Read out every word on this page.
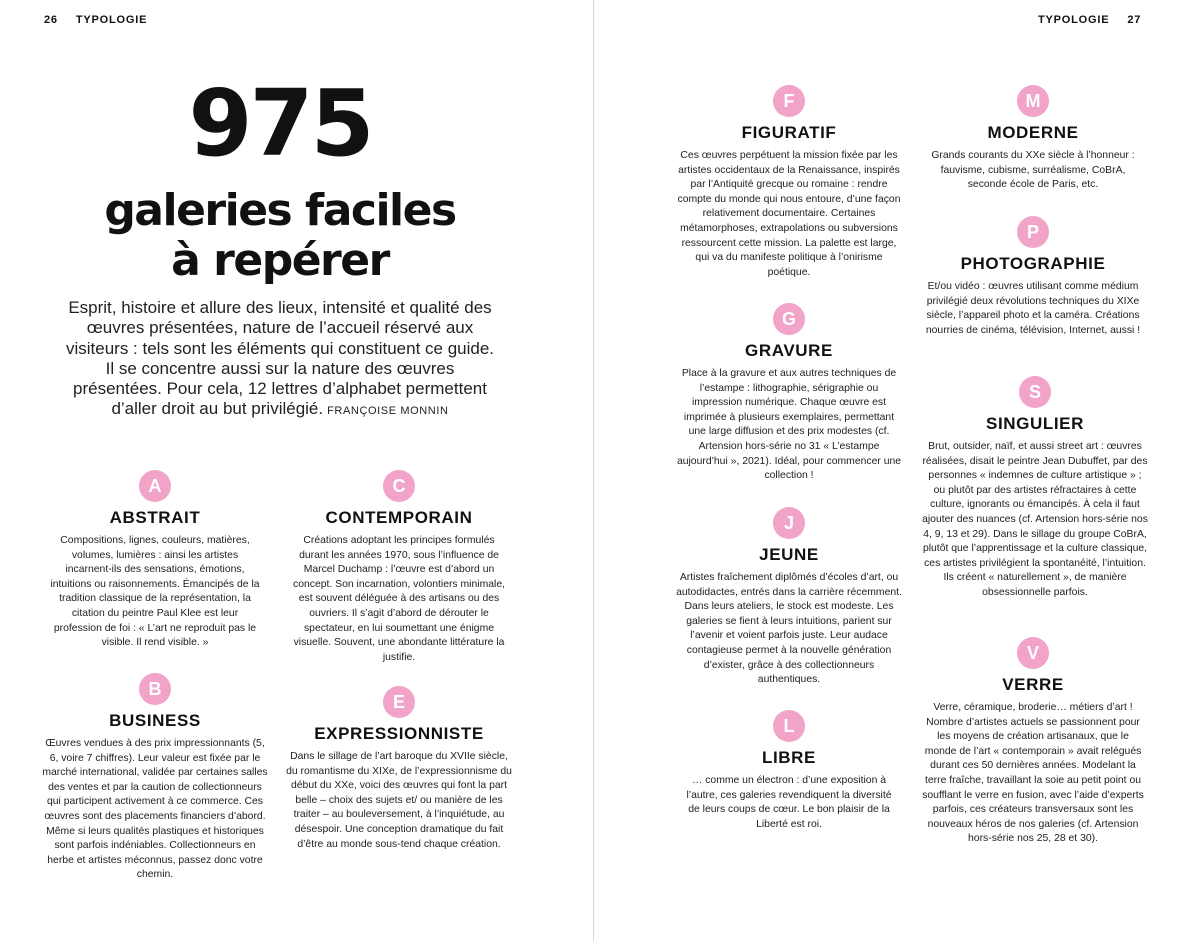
26 TYPOLOGIE	TYPOLOGIE 27
975
galeries faciles
à repérer

Esprit, histoire et allure des lieux, intensité et qualité des œuvres présentées, nature de l’accueil réservé aux visiteurs : tels sont les éléments qui constituent ce guide. Il se concentre aussi sur la nature des œuvres présentées. Pour cela, 12 lettres d’alphabet permettent d’aller droit au but privilégié. FRANÇOISE MONNIN

A
ABSTRAIT

Compositions, lignes, couleurs, matières, volumes, lumières : ainsi les artistes incarnent-ils des sensations, émotions, intuitions ou raisonnements. Émancipés de la tradition classique de la représentation, la citation du peintre Paul Klee est leur profession de foi : « L’art ne reproduit pas le visible. Il rend visible. »

B
BUSINESS

Œuvres vendues à des prix impressionnants (5, 6, voire 7 chiffres). Leur valeur est fixée par le marché international, validée par certaines salles des ventes et par la caution de collectionneurs qui participent activement à ce commerce. Ces œuvres sont des placements financiers d’abord. Même si leurs qualités plastiques et historiques sont parfois indéniables. Collectionneurs en herbe et artistes méconnus, passez donc votre chemin.

C
CONTEMPORAIN

Créations adoptant les principes formulés durant les années 1970, sous l’influence de Marcel Duchamp : l’œuvre est d’abord un concept. Son incarnation, volontiers minimale, est souvent déléguée à des artisans ou des ouvriers. Il s’agit d’abord de dérouter le spectateur, en lui soumettant une énigme visuelle. Souvent, une abondante littérature la justifie.

E
EXPRESSIONNISTE

Dans le sillage de l’art baroque du XVIIe siècle, du romantisme du XIXe, de l’expressionnisme du début du XXe, voici des œuvres qui font la part belle – choix des sujets et/ ou manière de les traiter – au bouleversement, à l’inquiétude, au désespoir. Une conception dramatique du fait d’être au monde sous-tend chaque création.

F
FIGURATIF

Ces œuvres perpétuent la mission fixée par les artistes occidentaux de la Renaissance, inspirés par l’Antiquité grecque ou romaine : rendre compte du monde qui nous entoure, d’une façon relativement documentaire. Certaines métamorphoses, extrapolations ou subversions ressourcent cette mission. La palette est large, qui va du manifeste politique à l’onirisme poétique.

G
GRAVURE

Place à la gravure et aux autres techniques de l’estampe : lithographie, sérigraphie ou impression numérique. Chaque œuvre est imprimée à plusieurs exemplaires, permettant une large diffusion et des prix modestes (cf. Artension hors-série no 31 « L’estampe aujourd’hui », 2021). Idéal, pour commencer une collection !

J
JEUNE

Artistes fraîchement diplômés d’écoles d’art, ou autodidactes, entrés dans la carrière récemment. Dans leurs ateliers, le stock est modeste. Les galeries se fient à leurs intuitions, parient sur l’avenir et voient parfois juste. Leur audace contagieuse permet à la nouvelle génération d’exister, grâce à des collectionneurs authentiques.

L
LIBRE

… comme un électron : d’une exposition à l’autre, ces galeries revendiquent la diversité de leurs coups de cœur. Le bon plaisir de la Liberté est roi.

M
MODERNE

Grands courants du XXe siècle à l’honneur : fauvisme, cubisme, surréalisme, CoBrA, seconde école de Paris, etc.

P
PHOTOGRAPHIE

Et/ou vidéo : œuvres utilisant comme médium privilégié deux révolutions techniques du XIXe siècle, l’appareil photo et la caméra. Créations nourries de cinéma, télévision, Internet, aussi !

S
SINGULIER

Brut, outsider, naïf, et aussi street art : œuvres réalisées, disait le peintre Jean Dubuffet, par des personnes « indemnes de culture artistique » ; ou plutôt par des artistes réfractaires à cette culture, ignorants ou émancipés. À cela il faut ajouter des nuances (cf. Artension hors-série nos 4, 9, 13 et 29). Dans le sillage du groupe CoBrA, plutôt que l’apprentissage et la culture classique, ces artistes privilégient la spontanéité, l’intuition. Ils créent « naturellement », de manière obsessionnelle parfois.

V
VERRE

Verre, céramique, broderie… métiers d’art ! Nombre d’artistes actuels se passionnent pour les moyens de création artisanaux, que le monde de l’art « contemporain » avait relégués durant ces 50 dernières années. Modelant la terre fraîche, travaillant la soie au petit point ou soufflant le verre en fusion, avec l’aide d’experts parfois, ces créateurs transversaux sont les nouveaux héros de nos galeries (cf. Artension hors-série nos 25, 28 et 30).
